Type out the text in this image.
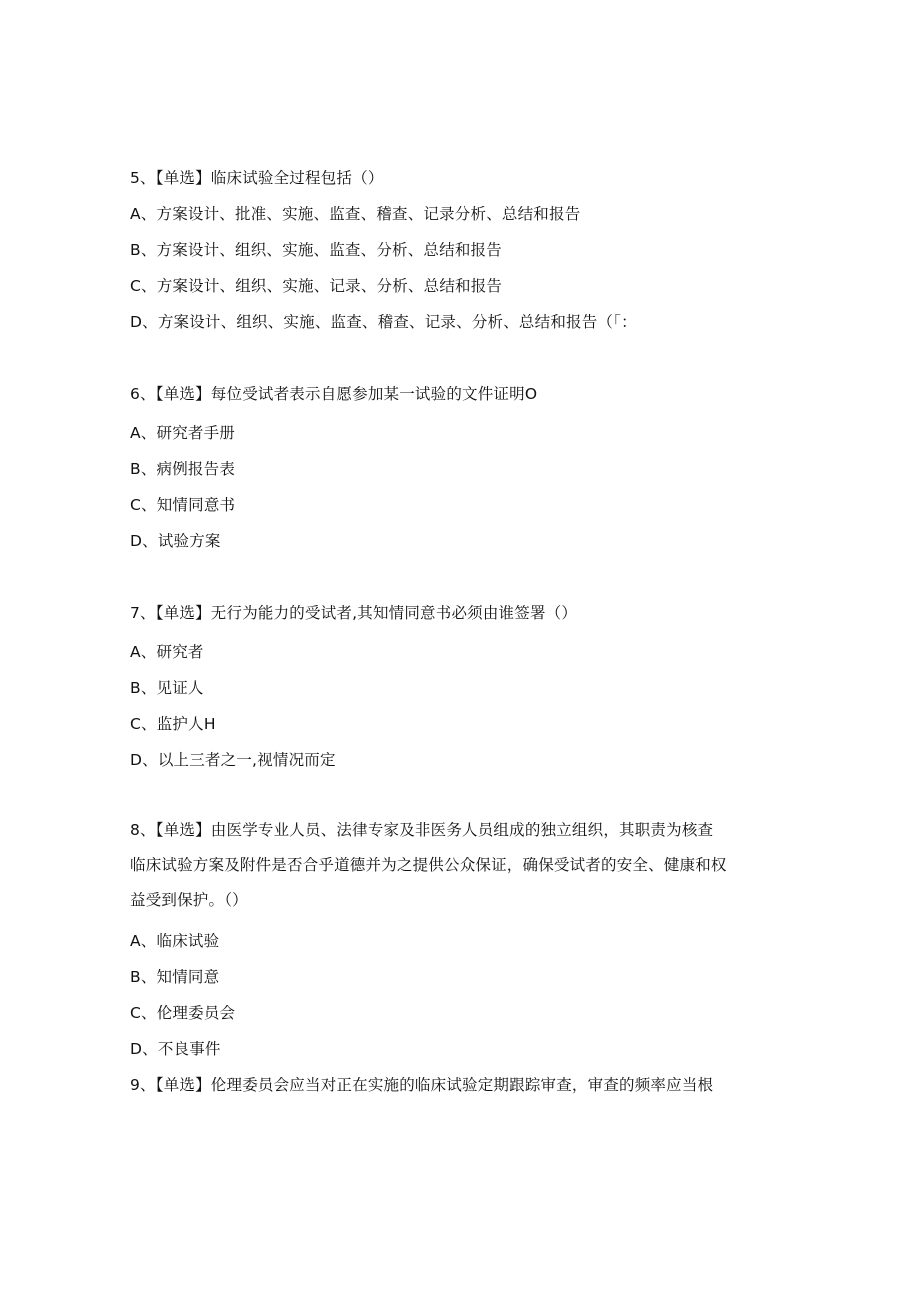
5、【单选】临床试验全过程包括（）
A、方案设计、批准、实施、监查、稽查、记录分析、总结和报告
B、方案设计、组织、实施、监查、分析、总结和报告
C、方案设计、组织、实施、记录、分析、总结和报告
D、方案设计、组织、实施、监查、稽查、记录、分析、总结和报告（「：
6、【单选】每位受试者表示自愿参加某一试验的文件证明O
A、研究者手册
B、病例报告表
C、知情同意书
D、试验方案
7、【单选】无行为能力的受试者,其知情同意书必须由谁签署（）
A、研究者
B、见证人
C、监护人H
D、以上三者之一,视情况而定
8、【单选】由医学专业人员、法律专家及非医务人员组成的独立组织，其职责为核查
临床试验方案及附件是否合乎道德并为之提供公众保证，确保受试者的安全、健康和权
益受到保护。（）
A、临床试验
B、知情同意
C、伦理委员会
D、不良事件
9、【单选】伦理委员会应当对正在实施的临床试验定期跟踪审查，审查的频率应当根
